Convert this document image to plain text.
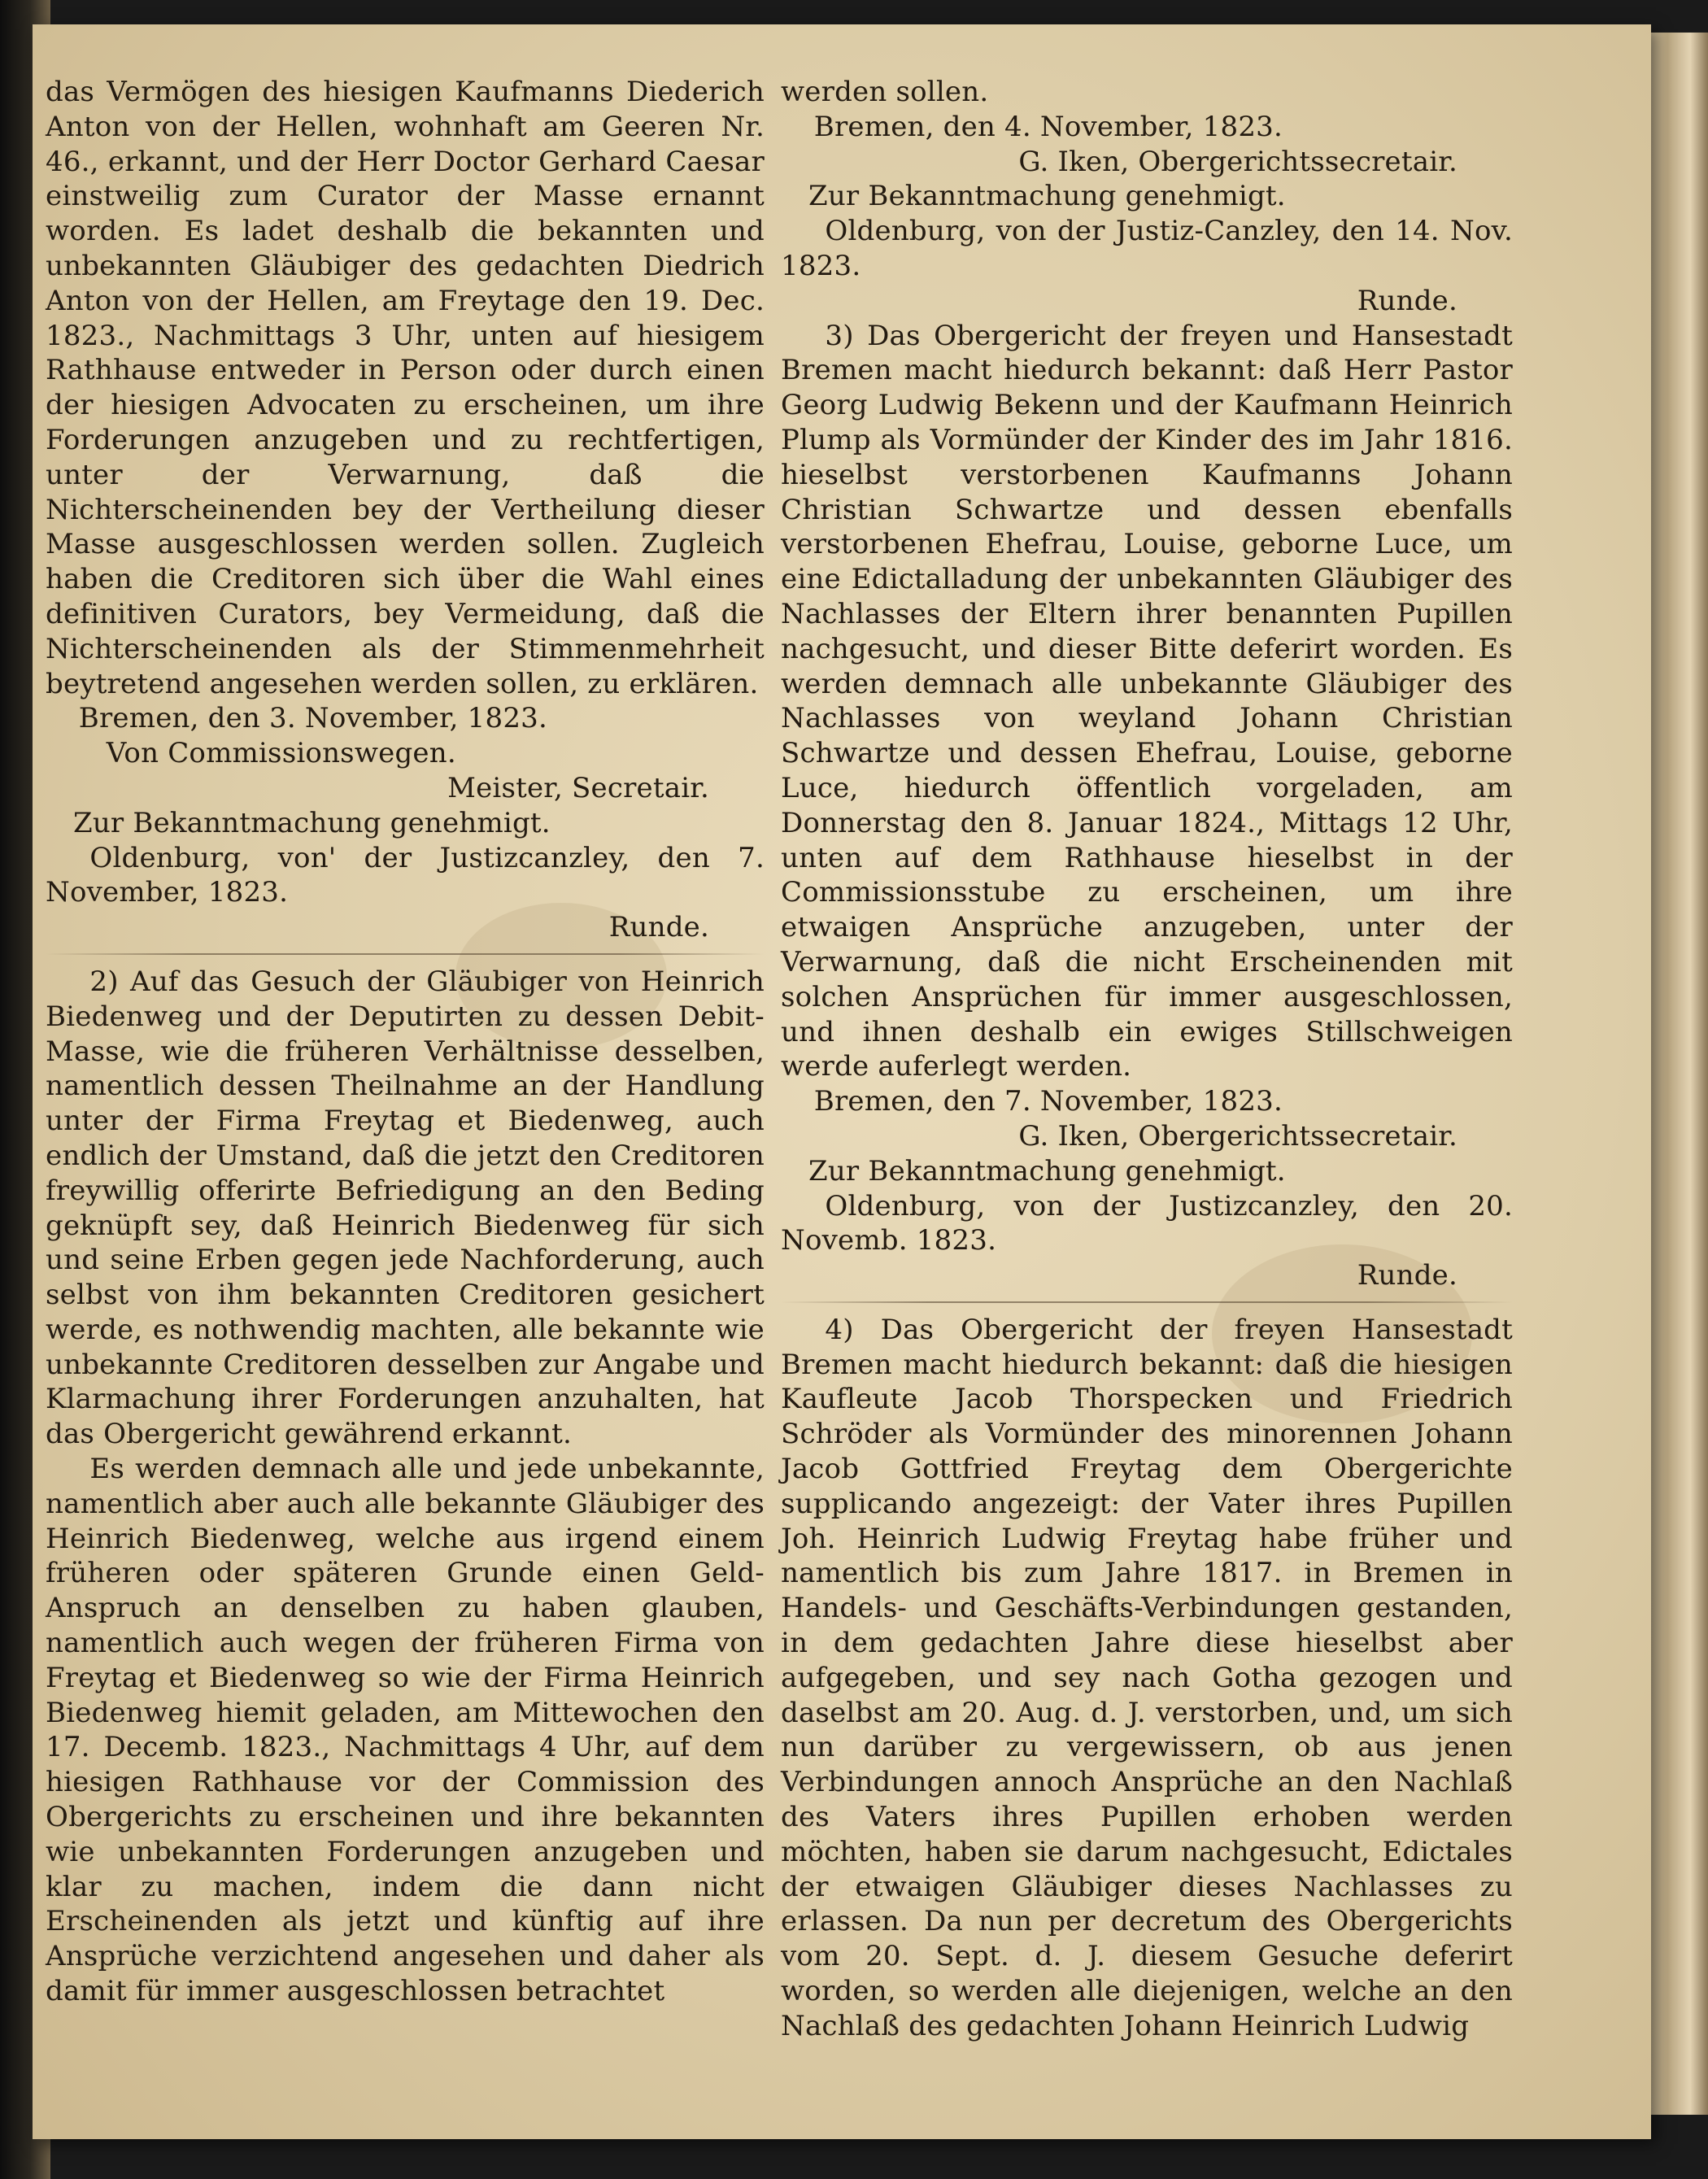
das Vermögen des hiesigen Kaufmanns Diederich Anton von der Hellen, wohnhaft am Geeren Nr. 46., erkannt, und der Herr Doctor Gerhard Caesar einstweilig zum Curator der Masse ernannt worden. Es ladet deshalb die bekannten und unbekannten Gläubiger des gedachten Diedrich Anton von der Hellen, am Freytage den 19. Dec. 1823., Nachmittags 3 Uhr, unten auf hiesigem Rathhause entweder in Person oder durch einen der hiesigen Advocaten zu erscheinen, um ihre Forderungen anzugeben und zu rechtfertigen, unter der Verwarnung, daß die Nichterscheinenden bey der Vertheilung dieser Masse ausgeschlossen werden sollen. Zugleich haben die Creditoren sich über die Wahl eines definitiven Curators, bey Vermeidung, daß die Nichterscheinenden als der Stimmenmehrheit beytretend angesehen werden sollen, zu erklären.

Bremen, den 3. November, 1823.

Von Commissionswegen.

Meister, Secretair.

Zur Bekanntmachung genehmigt.

Oldenburg, von' der Justizcanzley, den 7. November, 1823.

Runde.

2) Auf das Gesuch der Gläubiger von Heinrich Biedenweg und der Deputirten zu dessen Debit-Masse, wie die früheren Verhältnisse desselben, namentlich dessen Theilnahme an der Handlung unter der Firma Freytag et Biedenweg, auch endlich der Umstand, daß die jetzt den Creditoren freywillig offerirte Befriedigung an den Beding geknüpft sey, daß Heinrich Biedenweg für sich und seine Erben gegen jede Nachforderung, auch selbst von ihm bekannten Creditoren gesichert werde, es nothwendig machten, alle bekannte wie unbekannte Creditoren desselben zur Angabe und Klarmachung ihrer Forderungen anzuhalten, hat das Obergericht gewährend erkannt.

Es werden demnach alle und jede unbekannte, namentlich aber auch alle bekannte Gläubiger des Heinrich Biedenweg, welche aus irgend einem früheren oder späteren Grunde einen Geld-Anspruch an denselben zu haben glauben, namentlich auch wegen der früheren Firma von Freytag et Biedenweg so wie der Firma Heinrich Biedenweg hiemit geladen, am Mittewochen den 17. Decemb. 1823., Nachmittags 4 Uhr, auf dem hiesigen Rathhause vor der Commission des Obergerichts zu erscheinen und ihre bekannten wie unbekannten Forderungen anzugeben und klar zu machen, indem die dann nicht Erscheinenden als jetzt und künftig auf ihre Ansprüche verzichtend angesehen und daher als damit für immer ausgeschlossen betrachtet

werden sollen.

Bremen, den 4. November, 1823.

G. Iken, Obergerichtssecretair.

Zur Bekanntmachung genehmigt.

Oldenburg, von der Justiz-Canzley, den 14. Nov. 1823.

Runde.

3) Das Obergericht der freyen und Hansestadt Bremen macht hiedurch bekannt: daß Herr Pastor Georg Ludwig Bekenn und der Kaufmann Heinrich Plump als Vormünder der Kinder des im Jahr 1816. hieselbst verstorbenen Kaufmanns Johann Christian Schwartze und dessen ebenfalls verstorbenen Ehefrau, Louise, geborne Luce, um eine Edictalladung der unbekannten Gläubiger des Nachlasses der Eltern ihrer benannten Pupillen nachgesucht, und dieser Bitte deferirt worden. Es werden demnach alle unbekannte Gläubiger des Nachlasses von weyland Johann Christian Schwartze und dessen Ehefrau, Louise, geborne Luce, hiedurch öffentlich vorgeladen, am Donnerstag den 8. Januar 1824., Mittags 12 Uhr, unten auf dem Rathhause hieselbst in der Commissionsstube zu erscheinen, um ihre etwaigen Ansprüche anzugeben, unter der Verwarnung, daß die nicht Erscheinenden mit solchen Ansprüchen für immer ausgeschlossen, und ihnen deshalb ein ewiges Stillschweigen werde auferlegt werden.

Bremen, den 7. November, 1823.

G. Iken, Obergerichtssecretair.

Zur Bekanntmachung genehmigt.

Oldenburg, von der Justizcanzley, den 20. Novemb. 1823.

Runde.

4) Das Obergericht der freyen Hansestadt Bremen macht hiedurch bekannt: daß die hiesigen Kaufleute Jacob Thorspecken und Friedrich Schröder als Vormünder des minorennen Johann Jacob Gottfried Freytag dem Obergerichte supplicando angezeigt: der Vater ihres Pupillen Joh. Heinrich Ludwig Freytag habe früher und namentlich bis zum Jahre 1817. in Bremen in Handels- und Geschäfts-Verbindungen gestanden, in dem gedachten Jahre diese hieselbst aber aufgegeben, und sey nach Gotha gezogen und daselbst am 20. Aug. d. J. verstorben, und, um sich nun darüber zu vergewissern, ob aus jenen Verbindungen annoch Ansprüche an den Nachlaß des Vaters ihres Pupillen erhoben werden möchten, haben sie darum nachgesucht, Edictales der etwaigen Gläubiger dieses Nachlasses zu erlassen. Da nun per decretum des Obergerichts vom 20. Sept. d. J. diesem Gesuche deferirt worden, so werden alle diejenigen, welche an den Nachlaß des gedachten Johann Heinrich Ludwig
